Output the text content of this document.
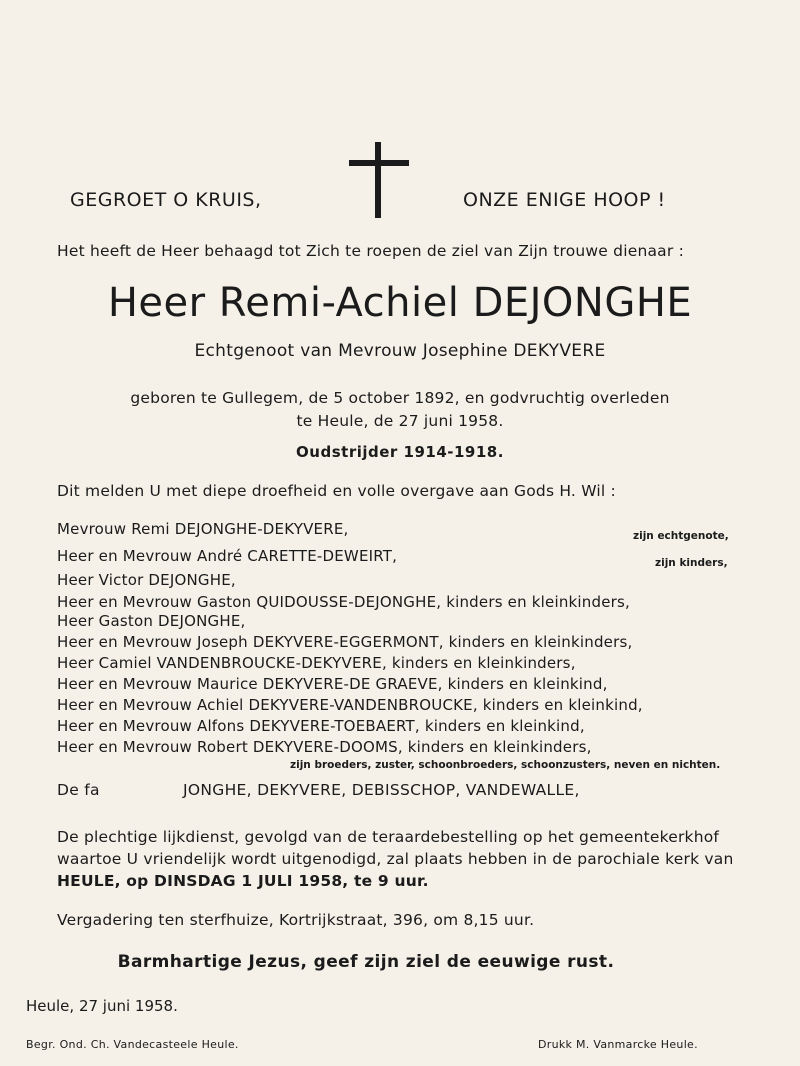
GEGROET O KRUIS,	ONZE ENIGE HOOP !
Het heeft de Heer behaagd tot Zich te roepen de ziel van Zijn trouwe dienaar :
Heer Remi-Achiel DEJONGHE
Echtgenoot van Mevrouw Josephine DEKYVERE
geboren te Gullegem, de 5 october 1892, en godvruchtig overleden
te Heule, de 27 juni 1958.
Oudstrijder 1914-1918.
Dit melden U met diepe droefheid en volle overgave aan Gods H. Wil :
Mevrouw Remi DEJONGHE-DEKYVERE,	zijn echtgenote,
Heer en Mevrouw André CARETTE-DEWEIRT,	zijn kinders,
Heer Victor DEJONGHE,
Heer en Mevrouw Gaston QUIDOUSSE-DEJONGHE, kinders en kleinkinders,
Heer Gaston DEJONGHE,
Heer en Mevrouw Joseph DEKYVERE-EGGERMONT, kinders en kleinkinders,
Heer Camiel VANDENBROUCKE-DEKYVERE, kinders en kleinkinders,
Heer en Mevrouw Maurice DEKYVERE-DE GRAEVE, kinders en kleinkind,
Heer en Mevrouw Achiel DEKYVERE-VANDENBROUCKE, kinders en kleinkind,
Heer en Mevrouw Alfons DEKYVERE-TOEBAERT, kinders en kleinkind,
Heer en Mevrouw Robert DEKYVERE-DOOMS, kinders en kleinkinders,
zijn broeders, zuster, schoonbroeders, schoonzusters, neven en nichten.
De fa	JONGHE, DEKYVERE, DEBISSCHOP, VANDEWALLE,
De plechtige lijkdienst, gevolgd van de teraardebestelling op het gemeentekerkhof
waartoe U vriendelijk wordt uitgenodigd, zal plaats hebben in de parochiale kerk van
HEULE, op DINSDAG 1 JULI 1958, te 9 uur.
Vergadering ten sterfhuize, Kortrijkstraat, 396, om 8,15 uur.
Barmhartige Jezus, geef zijn ziel de eeuwige rust.
Heule, 27 juni 1958.
Begr. Ond. Ch. Vandecasteele Heule.	Drukk M. Vanmarcke Heule.
